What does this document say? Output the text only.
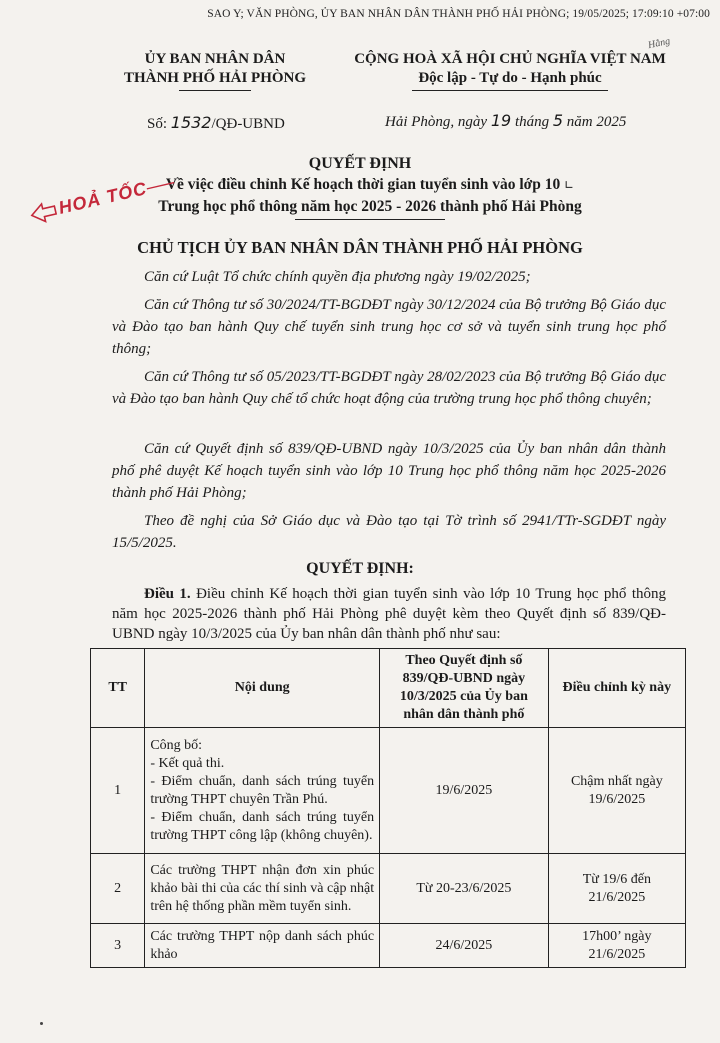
SAO Y; VĂN PHÒNG, ỦY BAN NHÂN DÂN THÀNH PHỐ HẢI PHÒNG; 19/05/2025; 17:09:10 +07:00
ỦY BAN NHÂN DÂN
THÀNH PHỐ HẢI PHÒNG
CỘNG HOÀ XÃ HỘI CHỦ NGHĨA VIỆT NAM
Độc lập - Tự do - Hạnh phúc
Hằng
Số: 1532/QĐ-UBND	Hải Phòng, ngày 19 tháng 5 năm 2025
QUYẾT ĐỊNH
Về việc điều chỉnh Kế hoạch thời gian tuyển sinh vào lớp 10 ∟
Trung học phổ thông năm học 2025 - 2026 thành phố Hải Phòng
HOẢ TỐC
CHỦ TỊCH ỦY BAN NHÂN DÂN THÀNH PHỐ HẢI PHÒNG
Căn cứ Luật Tổ chức chính quyền địa phương ngày 19/02/2025;
Căn cứ Thông tư số 30/2024/TT-BGDĐT ngày 30/12/2024 của Bộ trưởng Bộ Giáo dục và Đào tạo ban hành Quy chế tuyển sinh trung học cơ sở và tuyển sinh trung học phổ thông;
Căn cứ Thông tư số 05/2023/TT-BGDĐT ngày 28/02/2023 của Bộ trưởng Bộ Giáo dục và Đào tạo ban hành Quy chế tổ chức hoạt động của trường trung học phổ thông chuyên;
Căn cứ Quyết định số 839/QĐ-UBND ngày 10/3/2025 của Ủy ban nhân dân thành phố phê duyệt Kế hoạch tuyển sinh vào lớp 10 Trung học phổ thông năm học 2025-2026 thành phố Hải Phòng;
Theo đề nghị của Sở Giáo dục và Đào tạo tại Tờ trình số 2941/TTr-SGDĐT ngày 15/5/2025.
QUYẾT ĐỊNH:
Điều 1. Điều chỉnh Kế hoạch thời gian tuyển sinh vào lớp 10 Trung học phổ thông năm học 2025-2026 thành phố Hải Phòng phê duyệt kèm theo Quyết định số 839/QĐ-UBND ngày 10/3/2025 của Ủy ban nhân dân thành phố như sau:
TT	Nội dung	Theo Quyết định số 839/QĐ-UBND ngày 10/3/2025 của Ủy ban nhân dân thành phố	Điều chỉnh kỳ này
1	Công bố:
- Kết quả thi.
- Điểm chuẩn, danh sách trúng tuyển trường THPT chuyên Trần Phú.
- Điểm chuẩn, danh sách trúng tuyển trường THPT công lập (không chuyên).	19/6/2025	Chậm nhất ngày 19/6/2025
2	Các trường THPT nhận đơn xin phúc khảo bài thi của các thí sinh và cập nhật trên hệ thống phần mềm tuyển sinh.	Từ 20-23/6/2025	Từ 19/6 đến 21/6/2025
3	Các trường THPT nộp danh sách phúc khảo	24/6/2025	17h00’ ngày 21/6/2025
